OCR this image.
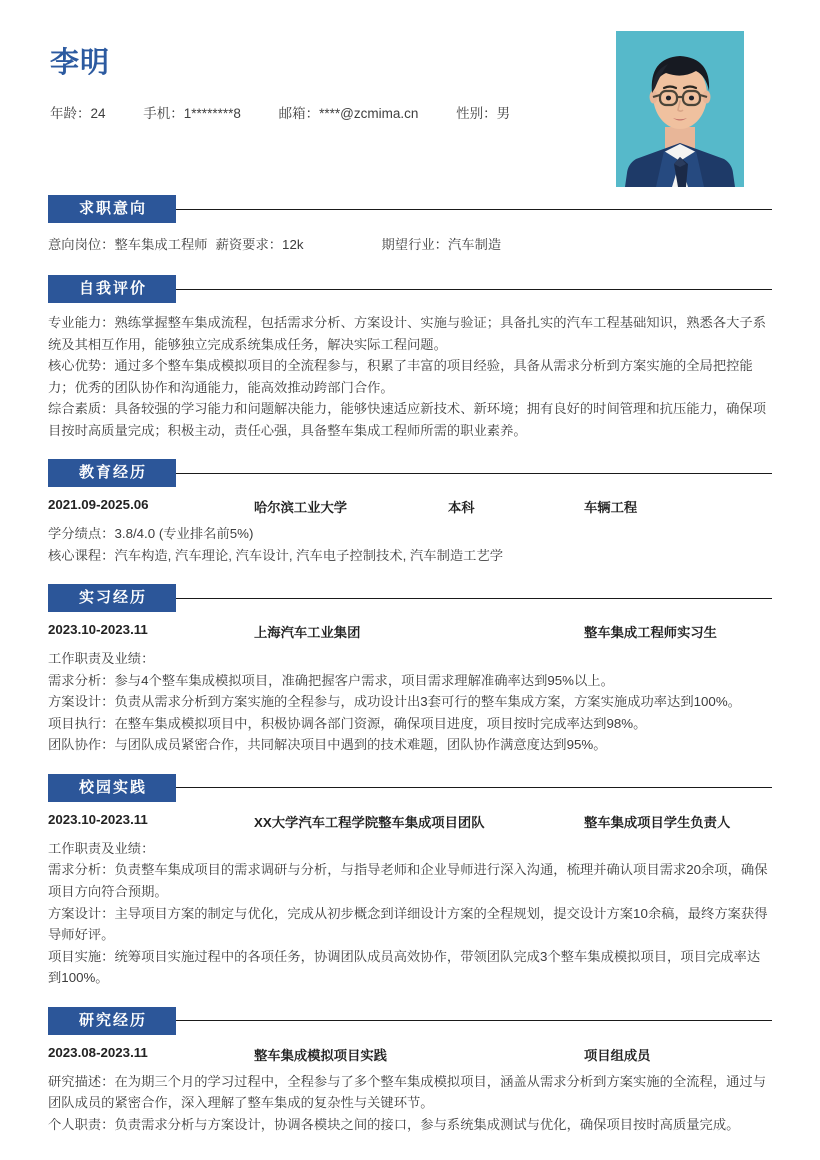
李明
年龄：24	手机：1********8	邮箱：****@zcmima.cn	性别：男
求职意向
意向岗位：整车集成工程师 薪资要求：12k	期望行业：汽车制造
自我评价

专业能力：熟练掌握整车集成流程，包括需求分析、方案设计、实施与验证；具备扎实的汽车工程基础知识，熟悉各大子系统及其相互作用，能够独立完成系统集成任务，解决实际工程问题。

核心优势：通过多个整车集成模拟项目的全流程参与，积累了丰富的项目经验，具备从需求分析到方案实施的全局把控能力；优秀的团队协作和沟通能力，能高效推动跨部门合作。

综合素质：具备较强的学习能力和问题解决能力，能够快速适应新技术、新环境；拥有良好的时间管理和抗压能力，确保项目按时高质量完成；积极主动，责任心强，具备整车集成工程师所需的职业素养。

教育经历
2021.09-2025.06	哈尔滨工业大学	本科	车辆工程

学分绩点：3.8/4.0 (专业排名前5%)

核心课程：汽车构造, 汽车理论, 汽车设计, 汽车电子控制技术, 汽车制造工艺学

实习经历
2023.10-2023.11	上海汽车工业集团	整车集成工程师实习生

工作职责及业绩：

需求分析：参与4个整车集成模拟项目，准确把握客户需求，项目需求理解准确率达到95%以上。

方案设计：负责从需求分析到方案实施的全程参与，成功设计出3套可行的整车集成方案，方案实施成功率达到100%。

项目执行：在整车集成模拟项目中，积极协调各部门资源，确保项目进度，项目按时完成率达到98%。

团队协作：与团队成员紧密合作，共同解决项目中遇到的技术难题，团队协作满意度达到95%。

校园实践
2023.10-2023.11	XX大学汽车工程学院整车集成项目团队	整车集成项目学生负责人

工作职责及业绩：

需求分析：负责整车集成项目的需求调研与分析，与指导老师和企业导师进行深入沟通，梳理并确认项目需求20余项，确保项目方向符合预期。

方案设计：主导项目方案的制定与优化，完成从初步概念到详细设计方案的全程规划，提交设计方案10余稿，最终方案获得导师好评。

项目实施：统筹项目实施过程中的各项任务，协调团队成员高效协作，带领团队完成3个整车集成模拟项目，项目完成率达到100%。

研究经历
2023.08-2023.11	整车集成模拟项目实践	项目组成员

研究描述：在为期三个月的学习过程中，全程参与了多个整车集成模拟项目，涵盖从需求分析到方案实施的全流程，通过与团队成员的紧密合作，深入理解了整车集成的复杂性与关键环节。

个人职责：负责需求分析与方案设计，协调各模块之间的接口，参与系统集成测试与优化，确保项目按时高质量完成。
